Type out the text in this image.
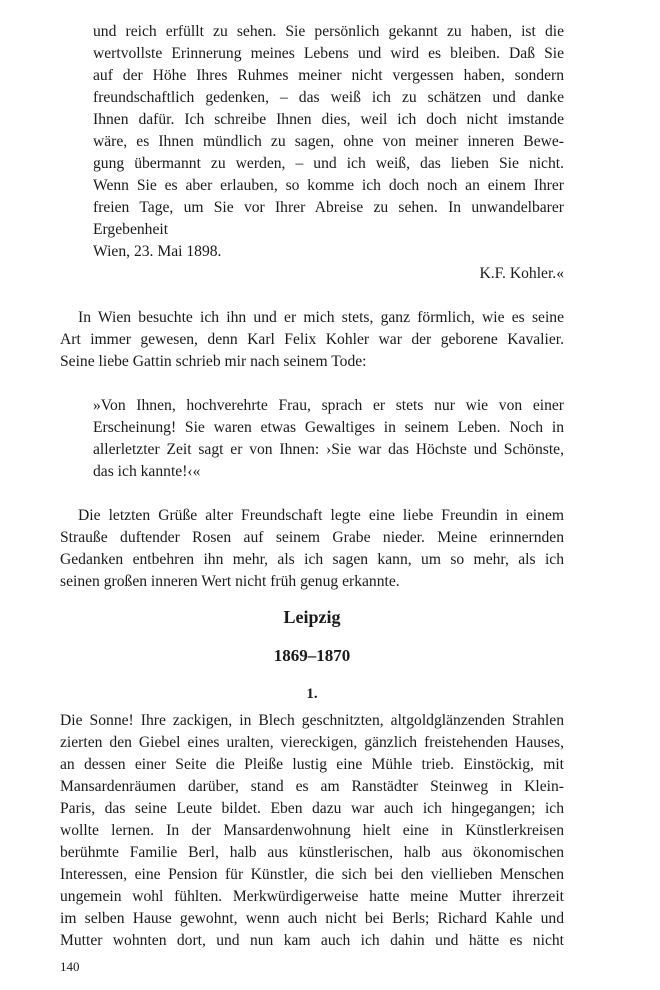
und reich erfüllt zu sehen. Sie persönlich gekannt zu haben, ist die
wertvollste Erinnerung meines Lebens und wird es bleiben. Daß Sie
auf der Höhe Ihres Ruhmes meiner nicht vergessen haben, sondern
freundschaftlich gedenken, – das weiß ich zu schätzen und danke
Ihnen dafür. Ich schreibe Ihnen dies, weil ich doch nicht imstande
wäre, es Ihnen mündlich zu sagen, ohne von meiner inneren Bewe-
gung übermannt zu werden, – und ich weiß, das lieben Sie nicht.
Wenn Sie es aber erlauben, so komme ich doch noch an einem Ihrer
freien Tage, um Sie vor Ihrer Abreise zu sehen. In unwandelbarer
Ergebenheit
Wien, 23. Mai 1898.
K.F. Kohler.«
In Wien besuchte ich ihn und er mich stets, ganz förmlich, wie es seine
Art immer gewesen, denn Karl Felix Kohler war der geborene Kavalier.
Seine liebe Gattin schrieb mir nach seinem Tode:
»Von Ihnen, hochverehrte Frau, sprach er stets nur wie von einer
Erscheinung! Sie waren etwas Gewaltiges in seinem Leben. Noch in
allerletzter Zeit sagt er von Ihnen: ›Sie war das Höchste und Schönste,
das ich kannte!‹«
Die letzten Grüße alter Freundschaft legte eine liebe Freundin in einem
Strauße duftender Rosen auf seinem Grabe nieder. Meine erinnernden
Gedanken entbehren ihn mehr, als ich sagen kann, um so mehr, als ich
seinen großen inneren Wert nicht früh genug erkannte.
Leipzig
1869–1870
1.
Die Sonne! Ihre zackigen, in Blech geschnitzten, altgoldglänzenden Strahlen
zierten den Giebel eines uralten, viereckigen, gänzlich freistehenden Hauses,
an dessen einer Seite die Pleiße lustig eine Mühle trieb. Einstöckig, mit
Mansardenräumen darüber, stand es am Ranstädter Steinweg in Klein-
Paris, das seine Leute bildet. Eben dazu war auch ich hingegangen; ich
wollte lernen. In der Mansardenwohnung hielt eine in Künstlerkreisen
berühmte Familie Berl, halb aus künstlerischen, halb aus ökonomischen
Interessen, eine Pension für Künstler, die sich bei den viellieben Menschen
ungemein wohl fühlten. Merkwürdigerweise hatte meine Mutter ihrerzeit
im selben Hause gewohnt, wenn auch nicht bei Berls; Richard Kahle und
Mutter wohnten dort, und nun kam auch ich dahin und hätte es nicht
140
